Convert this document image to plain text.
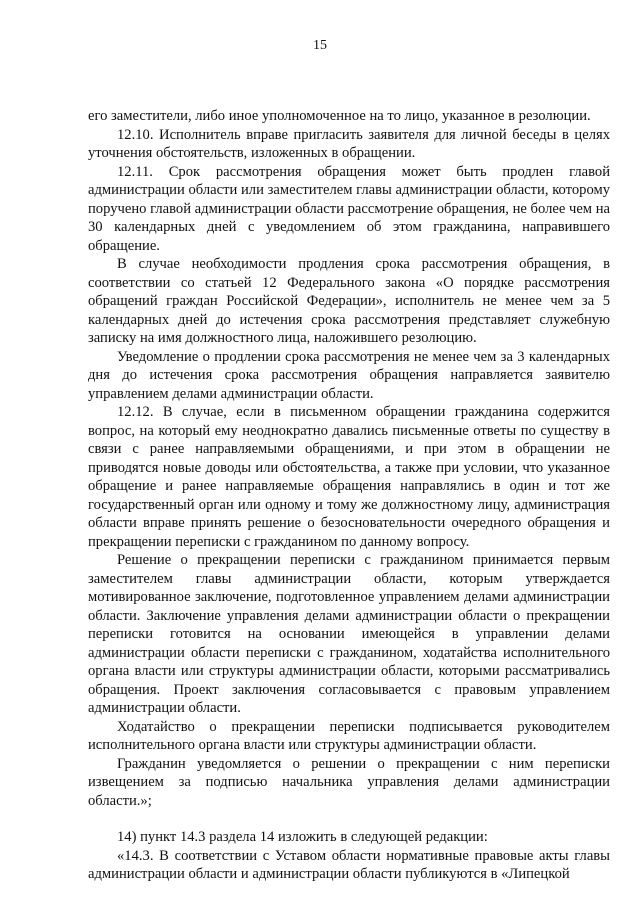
15

его заместители, либо иное уполномоченное на то лицо, указанное в резолюции.

12.10. Исполнитель вправе пригласить заявителя для личной беседы в целях уточнения обстоятельств, изложенных в обращении.

12.11. Срок рассмотрения обращения может быть продлен главой администрации области или заместителем главы администрации области, которому поручено главой администрации области рассмотрение обращения, не более чем на 30 календарных дней с уведомлением об этом гражданина, направившего обращение.

В случае необходимости продления срока рассмотрения обращения, в соответствии со статьей 12 Федерального закона «О порядке рассмотрения обращений граждан Российской Федерации», исполнитель не менее чем за 5 календарных дней до истечения срока рассмотрения представляет служебную записку на имя должностного лица, наложившего резолюцию.

Уведомление о продлении срока рассмотрения не менее чем за 3 календарных дня до истечения срока рассмотрения обращения направляется заявителю управлением делами администрации области.

12.12. В случае, если в письменном обращении гражданина содержится вопрос, на который ему неоднократно давались письменные ответы по существу в связи с ранее направляемыми обращениями, и при этом в обращении не приводятся новые доводы или обстоятельства, а также при условии, что указанное обращение и ранее направляемые обращения направлялись в один и тот же государственный орган или одному и тому же должностному лицу, администрация области вправе принять решение о безосновательности очередного обращения и прекращении переписки с гражданином по данному вопросу.

Решение о прекращении переписки с гражданином принимается первым заместителем главы администрации области, которым утверждается мотивированное заключение, подготовленное управлением делами администрации области. Заключение управления делами администрации области о прекращении переписки готовится на основании имеющейся в управлении делами администрации области переписки с гражданином, ходатайства исполнительного органа власти или структуры администрации области, которыми рассматривались обращения. Проект заключения согласовывается с правовым управлением администрации области.

Ходатайство о прекращении переписки подписывается руководителем исполнительного органа власти или структуры администрации области.

Гражданин уведомляется о решении о прекращении с ним переписки извещением за подписью начальника управления делами администрации области.»;

14) пункт 14.3 раздела 14 изложить в следующей редакции:

«14.3. В соответствии с Уставом области нормативные правовые акты главы администрации области и администрации области публикуются в «Липецкой
